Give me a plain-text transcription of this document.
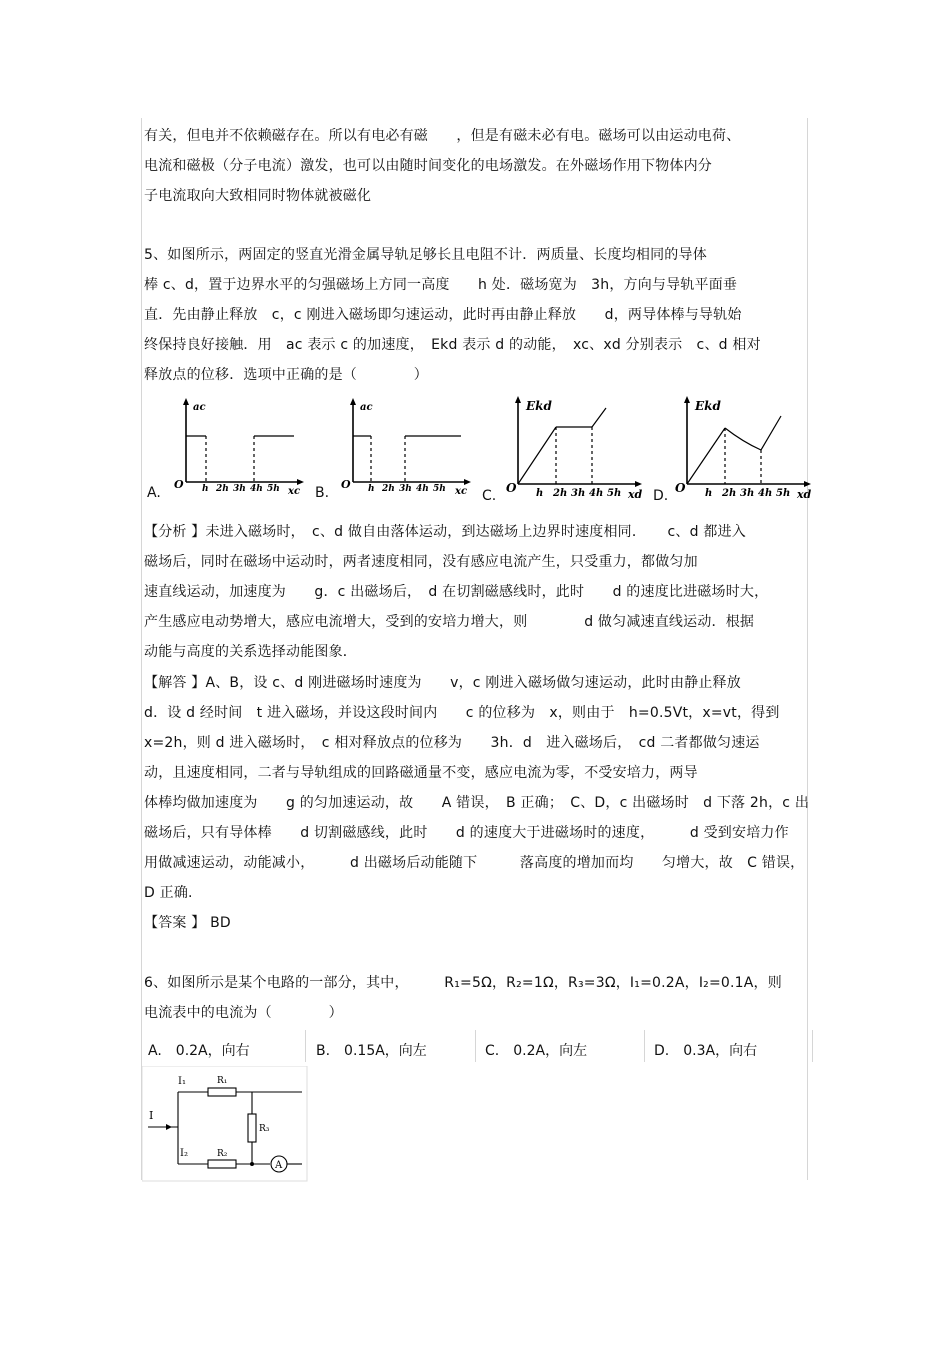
有关，但电并不依赖磁存在。所以有电必有磁　　，但是有磁未必有电。磁场可以由运动电荷、
电流和磁极（分子电流）激发，也可以由随时间变化的电场激发。在外磁场作用下物体内分
子电流取向大致相同时物体就被磁化
5、如图所示，两固定的竖直光滑金属导轨足够长且电阻不计．两质量、长度均相同的导体
棒 c、d，置于边界水平的匀强磁场上方同一高度　　h 处．磁场宽为　3h，方向与导轨平面垂
直．先由静止释放　c，c 刚进入磁场即匀速运动，此时再由静止释放　　d，两导体棒与导轨始
终保持良好接触．用　ac 表示 c 的加速度，　Ekd 表示 d 的动能，　xc、xd 分别表示　c、d 相对
释放点的位移．选项中正确的是（　　　　）
A.	B.	C.	D.
ac
O
xc
h 2h 3h 4h 5h
ac
O
xc
h 2h 3h 4h 5h
Ekd
O	xd
h 2h 3h 4h 5h
Ekd
O	xd
h 2h 3h 4h 5h
【分析 】未进入磁场时，　c、d 做自由落体运动，到达磁场上边界时速度相同．　　c、d 都进入
磁场后，同时在磁场中运动时，两者速度相同，没有感应电流产生，只受重力，都做匀加
速直线运动，加速度为　　g．c 出磁场后，　d 在切割磁感线时，此时　　d 的速度比进磁场时大，
产生感应电动势增大，感应电流增大，受到的安培力增大，则　　　　d 做匀减速直线运动．根据
动能与高度的关系选择动能图象．
【解答 】A、B，设 c、d 刚进磁场时速度为　　v，c 刚进入磁场做匀速运动，此时由静止释放
d．设 d 经时间　t 进入磁场，并设这段时间内　　c 的位移为　x，则由于　h=0.5Vt，x=vt，得到
x=2h，则 d 进入磁场时，　c 相对释放点的位移为　　3h．d　进入磁场后，　cd 二者都做匀速运
动，且速度相同，二者与导轨组成的回路磁通量不变，感应电流为零，不受安培力，两导
体棒均做加速度为　　g 的匀加速运动，故　　A 错误，　B 正确；　C、D，c 出磁场时　d 下落 2h，c 出
磁场后，只有导体棒　　d 切割磁感线，此时　　d 的速度大于进磁场时的速度，　　　d 受到安培力作
用做减速运动，动能减小，　　　d 出磁场后动能随下　　　落高度的增加而均　　匀增大，故　C 错误，
D 正确.
【答案 】 BD
6、如图所示是某个电路的一部分，其中，　　　R₁=5Ω，R₂=1Ω，R₃=3Ω，I₁=0.2A，I₂=0.1A，则
电流表中的电流为（　　　　）
A.　0.2A，向右	B.　0.15A，向左	C.　0.2A，向左	D.　0.3A，向右
I
I₁	R₁
I₂	R₂
R₃
A
